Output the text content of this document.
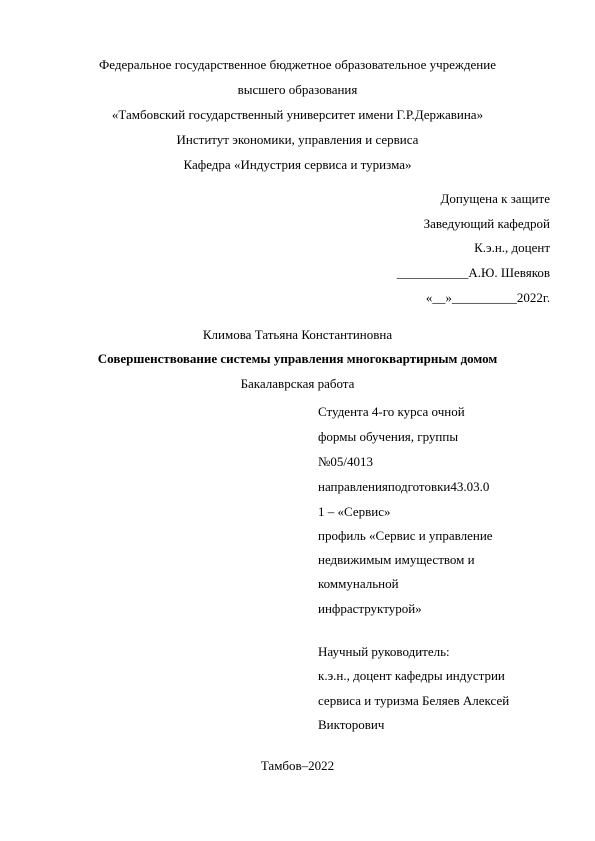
Федеральное государственное бюджетное образовательное учреждение
высшего образования
«Тамбовский государственный университет имени Г.Р.Державина»
Институт экономики, управления и сервиса
Кафедра «Индустрия сервиса и туризма»
Допущена к защите
Заведующий кафедрой
К.э.н., доцент
___________А.Ю. Шевяков
«__»__________2022г.
Климова Татьяна Константиновна
Совершенствование системы управления многоквартирным домом
Бакалаврская работа
Студента 4-го курса очной
формы обучения, группы
№05/4013
направленияподготовки43.03.0
1 – «Сервис»
профиль «Сервис и управление
недвижимым имуществом и
коммунальной
инфраструктурой»
Научный руководитель:
к.э.н., доцент кафедры индустрии
сервиса и туризма Беляев Алексей
Викторович
Тамбов–2022
